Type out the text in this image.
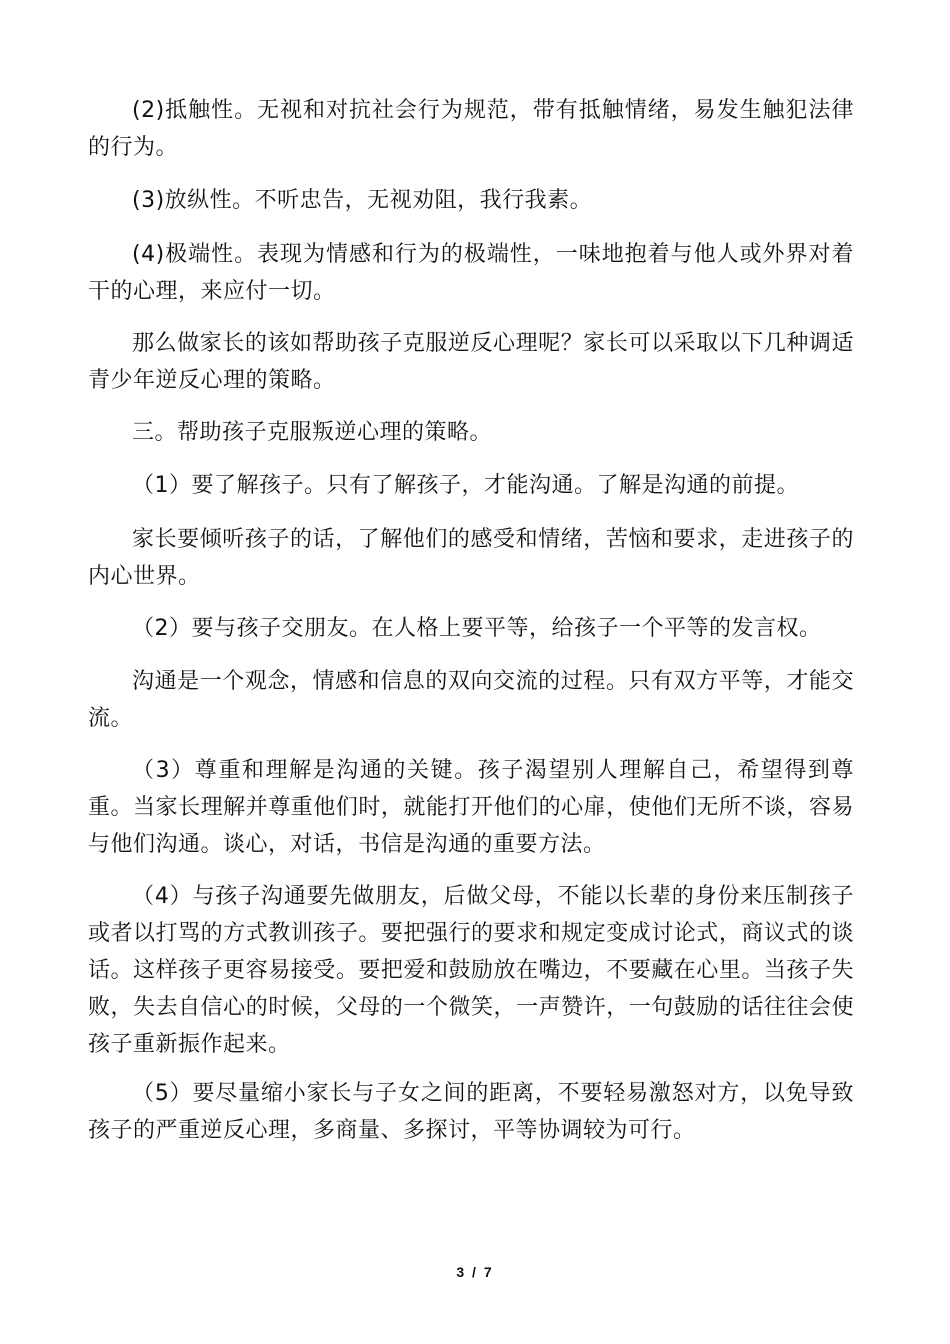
(2)抵触性。无视和对抗社会行为规范，带有抵触情绪，易发生触犯法律的行为。

(3)放纵性。不听忠告，无视劝阻，我行我素。

(4)极端性。表现为情感和行为的极端性，一味地抱着与他人或外界对着干的心理，来应付一切。

那么做家长的该如帮助孩子克服逆反心理呢？家长可以采取以下几种调适青少年逆反心理的策略。

三。帮助孩子克服叛逆心理的策略。

（1）要了解孩子。只有了解孩子，才能沟通。了解是沟通的前提。

家长要倾听孩子的话，了解他们的感受和情绪，苦恼和要求，走进孩子的内心世界。

（2）要与孩子交朋友。在人格上要平等，给孩子一个平等的发言权。

沟通是一个观念，情感和信息的双向交流的过程。只有双方平等，才能交流。

（3）尊重和理解是沟通的关键。孩子渴望别人理解自己，希望得到尊重。当家长理解并尊重他们时，就能打开他们的心扉，使他们无所不谈，容易与他们沟通。谈心，对话，书信是沟通的重要方法。

（4）与孩子沟通要先做朋友，后做父母，不能以长辈的身份来压制孩子或者以打骂的方式教训孩子。要把强行的要求和规定变成讨论式，商议式的谈话。这样孩子更容易接受。要把爱和鼓励放在嘴边，不要藏在心里。当孩子失败，失去自信心的时候，父母的一个微笑，一声赞许，一句鼓励的话往往会使孩子重新振作起来。

（5）要尽量缩小家长与子女之间的距离，不要轻易激怒对方，以免导致孩子的严重逆反心理，多商量、多探讨，平等协调较为可行。

3 / 7
